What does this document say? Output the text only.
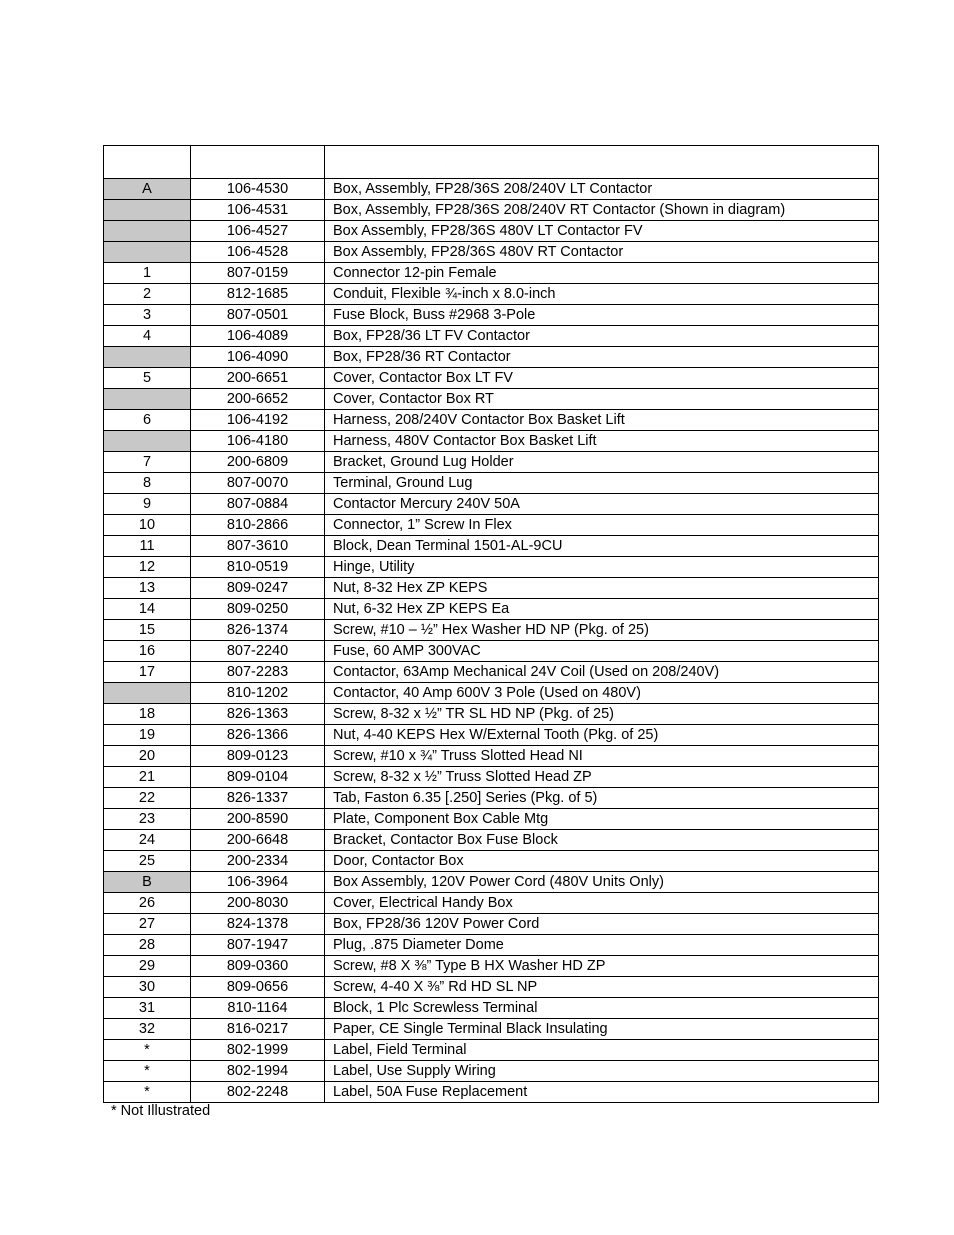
A	106-4530	Box, Assembly, FP28/36S 208/240V LT Contactor
	106-4531	Box, Assembly, FP28/36S 208/240V RT Contactor (Shown in diagram)
	106-4527	Box Assembly, FP28/36S 480V LT Contactor FV
	106-4528	Box Assembly, FP28/36S 480V RT Contactor
1	807-0159	Connector 12-pin Female
2	812-1685	Conduit, Flexible ¾-inch x 8.0-inch
3	807-0501	Fuse Block, Buss #2968 3-Pole
4	106-4089	Box, FP28/36 LT FV Contactor
	106-4090	Box, FP28/36 RT Contactor
5	200-6651	Cover, Contactor Box LT FV
	200-6652	Cover, Contactor Box RT
6	106-4192	Harness, 208/240V Contactor Box Basket Lift
	106-4180	Harness, 480V Contactor Box Basket Lift
7	200-6809	Bracket, Ground Lug Holder
8	807-0070	Terminal, Ground Lug
9	807-0884	Contactor Mercury 240V 50A
10	810-2866	Connector, 1” Screw In Flex
11	807-3610	Block, Dean Terminal 1501-AL-9CU
12	810-0519	Hinge, Utility
13	809-0247	Nut, 8-32 Hex ZP KEPS
14	809-0250	Nut, 6-32 Hex ZP KEPS Ea
15	826-1374	Screw, #10 – ½” Hex Washer HD NP (Pkg. of 25)
16	807-2240	Fuse, 60 AMP 300VAC
17	807-2283	Contactor, 63Amp Mechanical 24V Coil (Used on 208/240V)
	810-1202	Contactor, 40 Amp 600V 3 Pole (Used on 480V)
18	826-1363	Screw, 8-32 x ½” TR SL HD NP (Pkg. of 25)
19	826-1366	Nut, 4-40 KEPS Hex W/External Tooth (Pkg. of 25)
20	809-0123	Screw, #10 x ¾” Truss Slotted Head NI
21	809-0104	Screw, 8-32 x ½” Truss Slotted Head ZP
22	826-1337	Tab, Faston 6.35 [.250] Series (Pkg. of 5)
23	200-8590	Plate, Component Box Cable Mtg
24	200-6648	Bracket, Contactor Box Fuse Block
25	200-2334	Door, Contactor Box
B	106-3964	Box Assembly, 120V Power Cord (480V Units Only)
26	200-8030	Cover, Electrical Handy Box
27	824-1378	Box, FP28/36 120V Power Cord
28	807-1947	Plug, .875 Diameter Dome
29	809-0360	Screw, #8 X ⅜” Type B HX Washer HD ZP
30	809-0656	Screw, 4-40 X ⅜” Rd HD SL NP
31	810-1164	Block, 1 Plc Screwless Terminal
32	816-0217	Paper, CE Single Terminal Black Insulating
*	802-1999	Label, Field Terminal
*	802-1994	Label, Use Supply Wiring
*	802-2248	Label, 50A Fuse Replacement
* Not Illustrated
